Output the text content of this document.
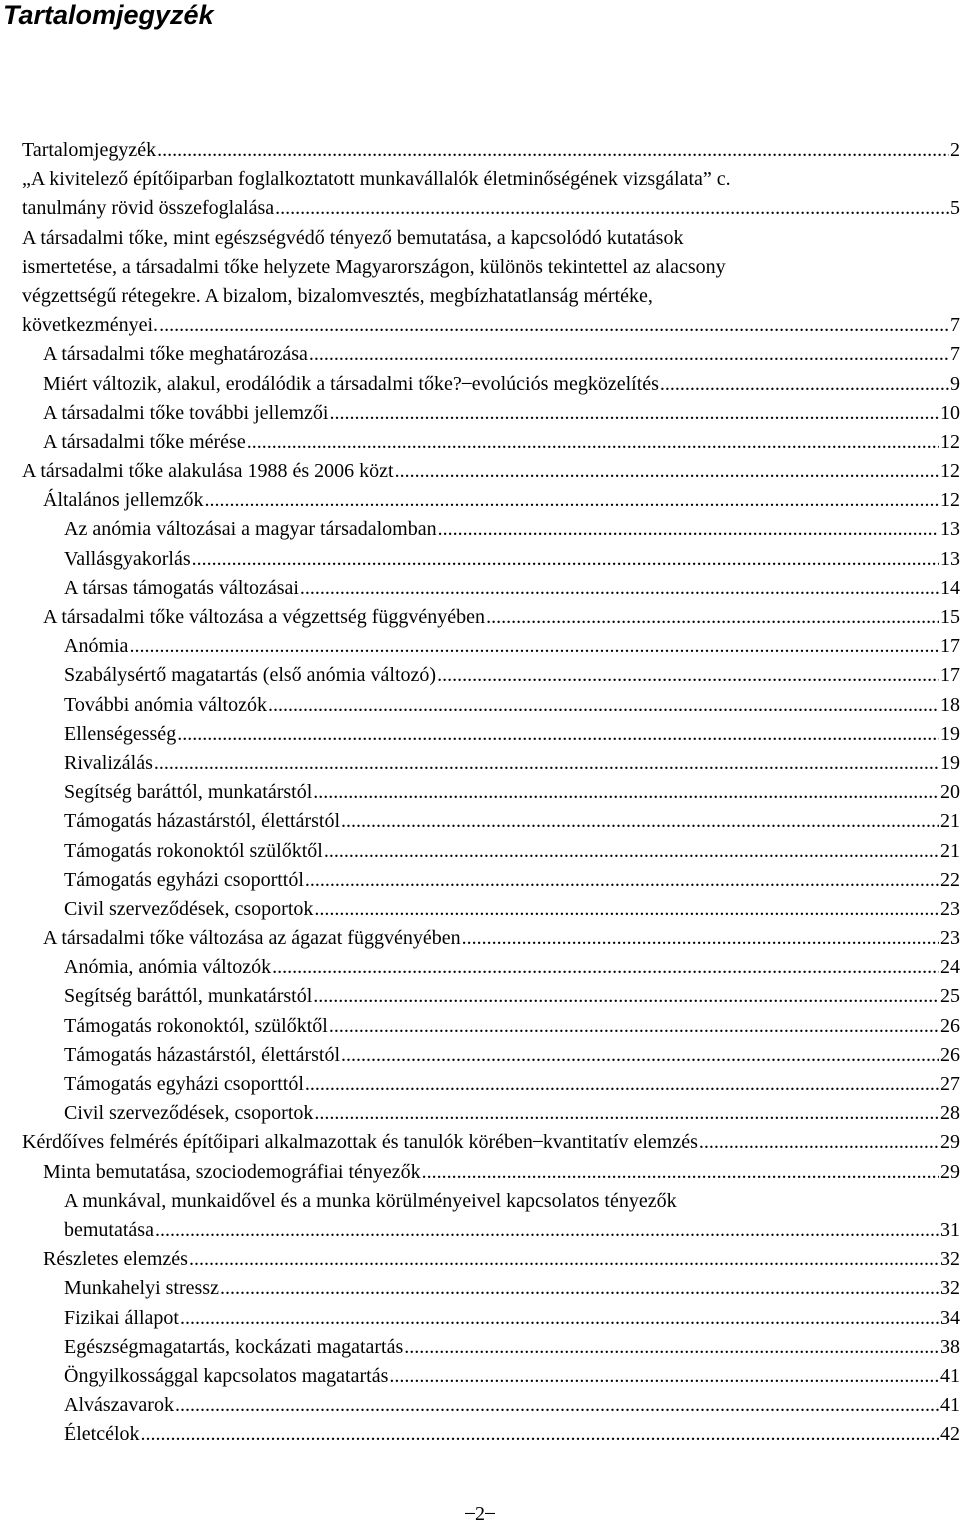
Tartalomjegyzék
Tartalomjegyzék .....	2
„A kivitelező építőiparban foglalkoztatott munkavállalók életminőségének vizsgálata” c.
tanulmány rövid összefoglalása .....	5
A társadalmi tőke, mint egészségvédő tényező bemutatása, a kapcsolódó kutatások
ismertetése, a társadalmi tőke helyzete Magyarországon, különös tekintettel az alacsony
végzettségű rétegekre. A bizalom, bizalomvesztés, megbízhatatlanság mértéke,
következményei. .....	7
A társadalmi tőke meghatározása .....	7
Miért változik, alakul, erodálódik a társadalmi tőke? ̶ evolúciós megközelítés .....	9
A társadalmi tőke további jellemzői .....	10
A társadalmi tőke mérése .....	12
A társadalmi tőke alakulása 1988 és 2006 közt .....	12
Általános jellemzők .....	12
Az anómia változásai a magyar társadalomban .....	13
Vallásgyakorlás .....	13
A társas támogatás változásai .....	14
A társadalmi tőke változása a végzettség függvényében .....	15
Anómia .....	17
Szabálysértő magatartás (első anómia változó) .....	17
További anómia változók .....	18
Ellenségesség .....	19
Rivalizálás .....	19
Segítség baráttól, munkatárstól .....	20
Támogatás házastárstól, élettárstól .....	21
Támogatás rokonoktól szülőktől .....	21
Támogatás egyházi csoporttól .....	22
Civil szerveződések, csoportok .....	23
A társadalmi tőke változása az ágazat függvényében .....	23
Anómia, anómia változók .....	24
Segítség baráttól, munkatárstól .....	25
Támogatás rokonoktól, szülőktől .....	26
Támogatás házastárstól, élettárstól .....	26
Támogatás egyházi csoporttól .....	27
Civil szerveződések, csoportok .....	28
Kérdőíves felmérés építőipari alkalmazottak és tanulók körében ̶ kvantitatív elemzés .....	29
Minta bemutatása, szociodemográfiai tényezők .....	29
A munkával, munkaidővel és a munka körülményeivel kapcsolatos tényezők
bemutatása .....	31
Részletes elemzés .....	32
Munkahelyi stressz .....	32
Fizikai állapot .....	34
Egészségmagatartás, kockázati magatartás .....	38
Öngyilkossággal kapcsolatos magatartás .....	41
Alvászavarok .....	41
Életcélok .....	42
̶ 2 ̶
